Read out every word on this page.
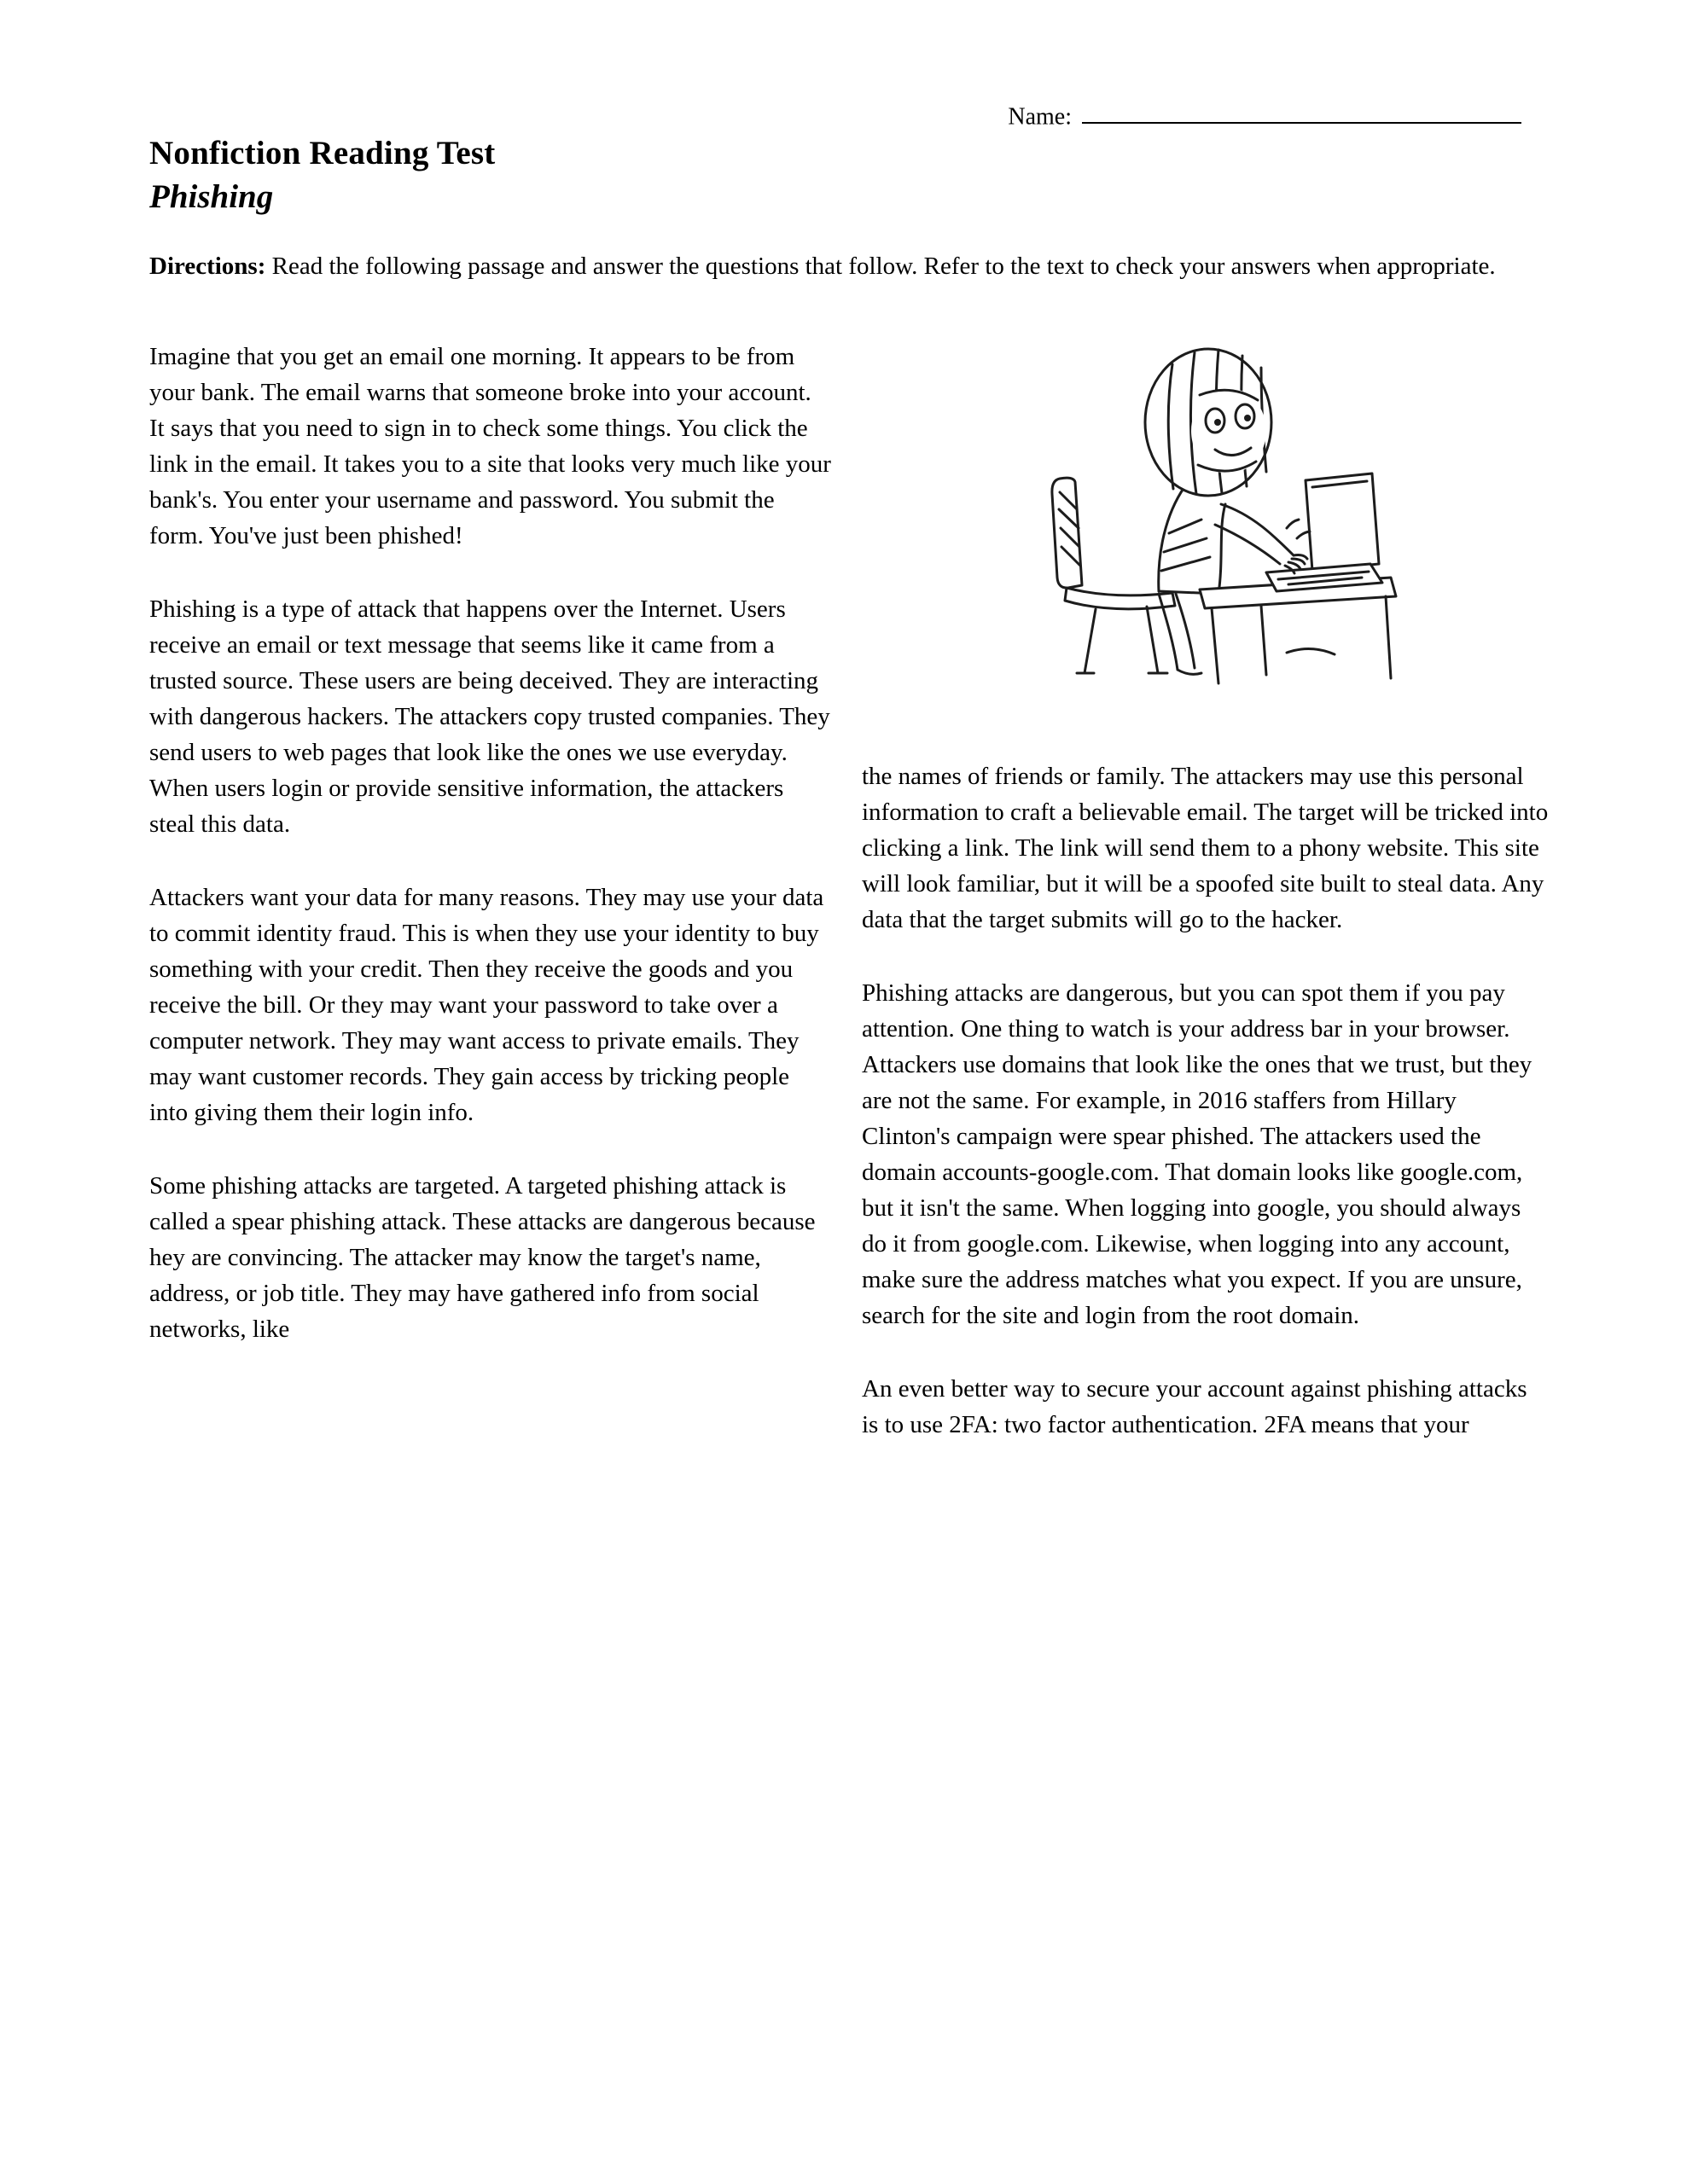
Name:
Nonfiction Reading Test
Phishing

Directions: Read the following passage and answer the questions that follow. Refer to the text to check your answers when appropriate.

Imagine that you get an email one morning. It appears to be from your bank. The email warns that someone broke into your account. It says that you need to sign in to check some things. You click the link in the email. It takes you to a site that looks very much like your bank's. You enter your username and password. You submit the form. You've just been phished!

Phishing is a type of attack that happens over the Internet. Users receive an email or text message that seems like it came from a trusted source. These users are being deceived. They are interacting with dangerous hackers. The attackers copy trusted companies. They send users to web pages that look like the ones we use everyday. When users login or provide sensitive information, the attackers steal this data.

Attackers want your data for many reasons. They may use your data to commit identity fraud. This is when they use your identity to buy something with your credit. Then they receive the goods and you receive the bill. Or they may want your password to take over a computer network. They may want access to private emails. They may want customer records. They gain access by tricking people into giving them their login info.

Some phishing attacks are targeted. A targeted phishing attack is called a spear phishing attack. These attacks are dangerous because hey are convincing. The attacker may know the target's name, address, or job title. They may have gathered info from social networks, like

the names of friends or family. The attackers may use this personal information to craft a believable email. The target will be tricked into clicking a link. The link will send them to a phony website. This site will look familiar, but it will be a spoofed site built to steal data. Any data that the target submits will go to the hacker.

Phishing attacks are dangerous, but you can spot them if you pay attention. One thing to watch is your address bar in your browser. Attackers use domains that look like the ones that we trust, but they are not the same. For example, in 2016 staffers from Hillary Clinton's campaign were spear phished. The attackers used the domain accounts-google.com. That domain looks like google.com, but it isn't the same. When logging into google, you should always do it from google.com. Likewise, when logging into any account, make sure the address matches what you expect. If you are unsure, search for the site and login from the root domain.

An even better way to secure your account against phishing attacks is to use 2FA: two factor authentication. 2FA means that your
